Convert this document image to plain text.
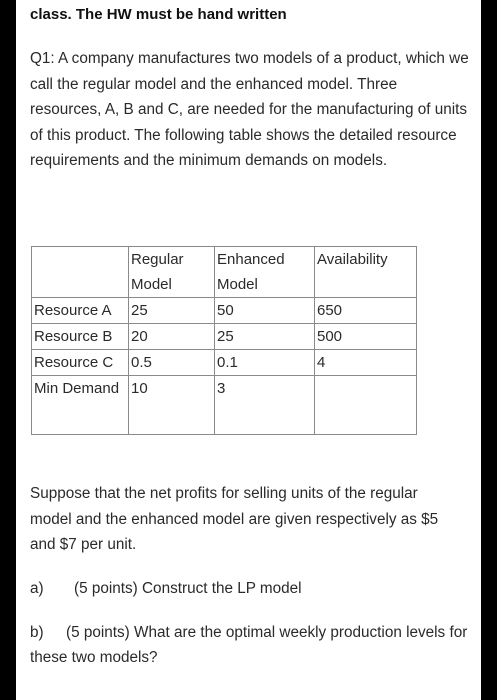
class. The HW must be hand written
Q1: A company manufactures two models of a product, which we call the regular model and the enhanced model. Three resources, A, B and C, are needed for the manufacturing of units of this product. The following table shows the detailed resource requirements and the minimum demands on models.
	Regular Model	Enhanced Model	Availability
Resource A	25	50	650
Resource B	20	25	500
Resource C	0.5	0.1	4
Min Demand	10	3	
Suppose that the net profits for selling units of the regular model and the enhanced model are given respectively as $5 and $7 per unit.
a) (5 points) Construct the LP model
b) (5 points) What are the optimal weekly production levels for these two models?
